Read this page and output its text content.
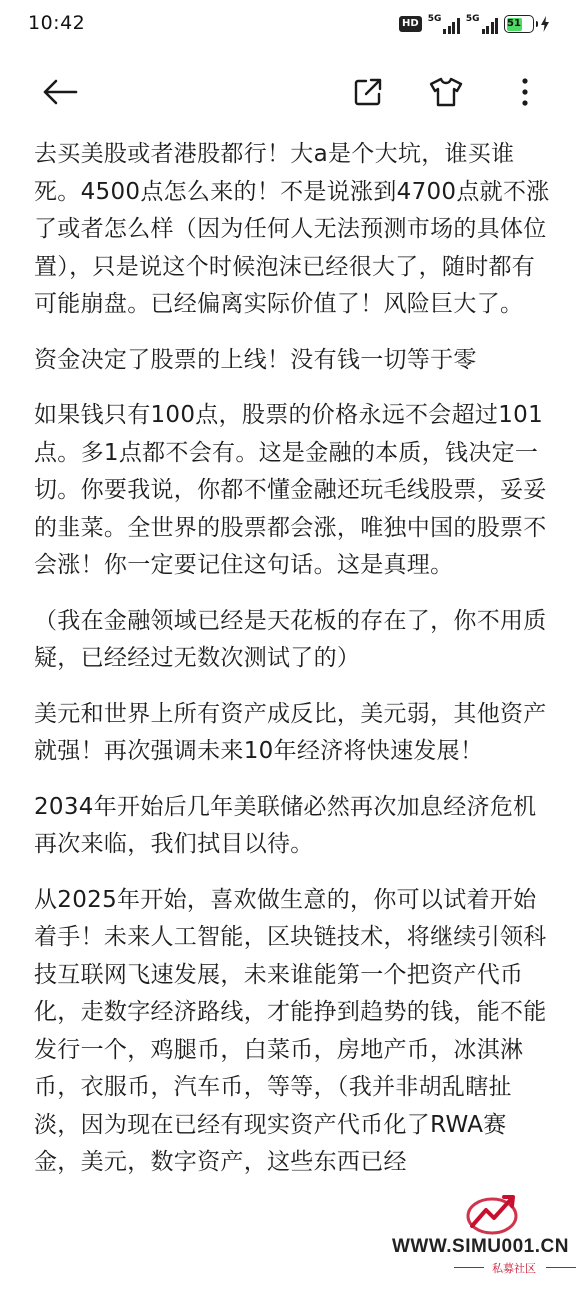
10:42	HD	5G	5G	51

去买美股或者港股都行！大a是个大坑，谁买谁死。4500点怎么来的！不是说涨到4700点就不涨了或者怎么样（因为任何人无法预测市场的具体位置），只是说这个时候泡沫已经很大了，随时都有可能崩盘。已经偏离实际价值了！风险巨大了。

资金决定了股票的上线！没有钱一切等于零

如果钱只有100点，股票的价格永远不会超过101点。多1点都不会有。这是金融的本质，钱决定一切。你要我说，你都不懂金融还玩毛线股票，妥妥的韭菜。全世界的股票都会涨，唯独中国的股票不会涨！你一定要记住这句话。这是真理。

（我在金融领域已经是天花板的存在了，你不用质疑，已经经过无数次测试了的）

美元和世界上所有资产成反比，美元弱，其他资产就强！再次强调未来10年经济将快速发展！

2034年开始后几年美联储必然再次加息经济危机再次来临，我们拭目以待。

从2025年开始，喜欢做生意的，你可以试着开始着手！未来人工智能，区块链技术，将继续引领科技互联网飞速发展，未来谁能第一个把资产代币化，走数字经济路线，才能挣到趋势的钱，能不能发行一个，鸡腿币，白菜币，房地产币，冰淇淋币，衣服币，汽车币，等等，（我并非胡乱瞎扯淡，因为现在已经有现实资产代币化了RWA赛

金，美元，数字资产，这些东西已经

WWW.SIMU001.CN
私募社区
